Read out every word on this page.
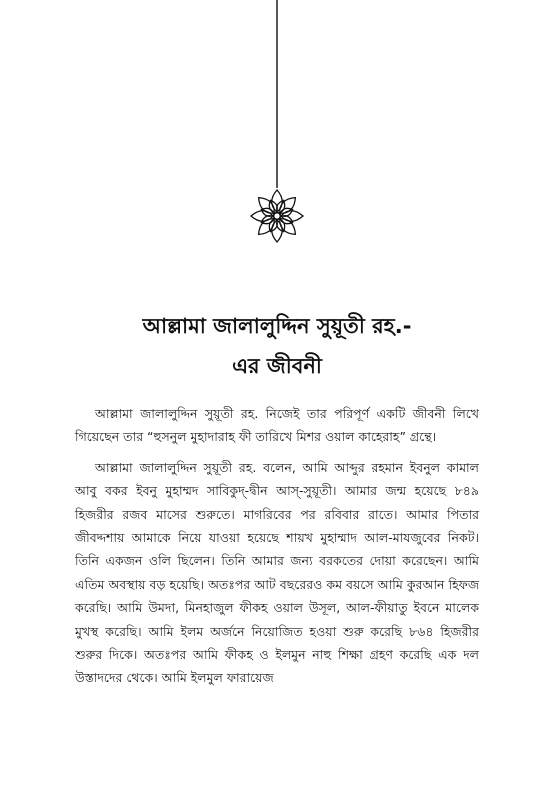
আল্লামা জালালুদ্দিন সুয়ূতী রহ.-
এর জীবনী

আল্লামা জালালুদ্দিন সুয়ূতী রহ. নিজেই তার পরিপূর্ণ একটি জীবনী লিখে গিয়েছেন তার “হুসনুল মুহাদারাহ ফী তারিখে মিশর ওয়াল কাহেরাহ” গ্রন্থে।

আল্লামা জালালুদ্দিন সুয়ূতী রহ. বলেন, আমি আব্দুর রহমান ইবনুল কামাল আবু বকর ইবনু মুহাম্মদ সাবিকুদ্-দ্বীন আস্-সুয়ূতী। আমার জন্ম হয়েছে ৮৪৯ হিজরীর রজব মাসের শুরুতে। মাগরিবের পর রবিবার রাতে। আমার পিতার জীবদ্দশায় আমাকে নিয়ে যাওয়া হয়েছে শায়খ মুহাম্মাদ আল-মাযজুবের নিকট। তিনি একজন ওলি ছিলেন। তিনি আমার জন্য বরকতের দোয়া করেছেন। আমি এতিম অবস্থায় বড় হয়েছি। অতঃপর আট বছরেরও কম বয়সে আমি কুরআন হিফজ করেছি। আমি উমদা, মিনহাজুল ফীকহ ওয়াল উসূল, আল-ফীয়াতু ইবনে মালেক মুখস্থ করেছি। আমি ইলম অর্জনে নিয়োজিত হওয়া শুরু করেছি ৮৬৪ হিজরীর শুরুর দিকে। অতঃপর আমি ফীকহ ও ইলমুন নাহু শিক্ষা গ্রহণ করেছি এক দল উস্তাদদের থেকে। আমি ইলমুল ফারায়েজ
